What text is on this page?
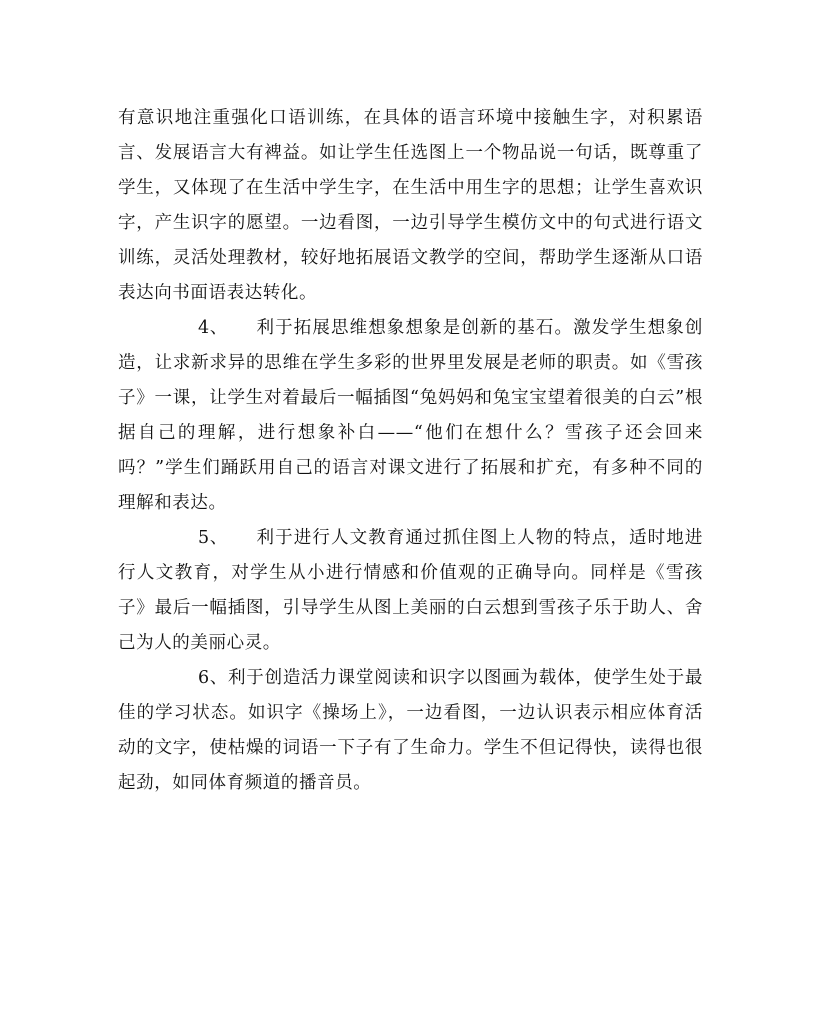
有意识地注重强化口语训练，在具体的语言环境中接触生字，对积累语言、发展语言大有裨益。如让学生任选图上一个物品说一句话，既尊重了学生，又体现了在生活中学生字，在生活中用生字的思想；让学生喜欢识字，产生识字的愿望。一边看图，一边引导学生模仿文中的句式进行语文训练，灵活处理教材，较好地拓展语文教学的空间，帮助学生逐渐从口语表达向书面语表达转化。

4、 利于拓展思维想象想象是创新的基石。激发学生想象创造，让求新求异的思维在学生多彩的世界里发展是老师的职责。如《雪孩子》一课，让学生对着最后一幅插图“兔妈妈和兔宝宝望着很美的白云”根据自己的理解，进行想象补白——“他们在想什么？雪孩子还会回来吗？”学生们踊跃用自己的语言对课文进行了拓展和扩充，有多种不同的理解和表达。

5、 利于进行人文教育通过抓住图上人物的特点，适时地进行人文教育，对学生从小进行情感和价值观的正确导向。同样是《雪孩子》最后一幅插图，引导学生从图上美丽的白云想到雪孩子乐于助人、舍己为人的美丽心灵。

6、利于创造活力课堂阅读和识字以图画为载体，使学生处于最佳的学习状态。如识字《操场上》，一边看图，一边认识表示相应体育活动的文字，使枯燥的词语一下子有了生命力。学生不但记得快，读得也很起劲，如同体育频道的播音员。
